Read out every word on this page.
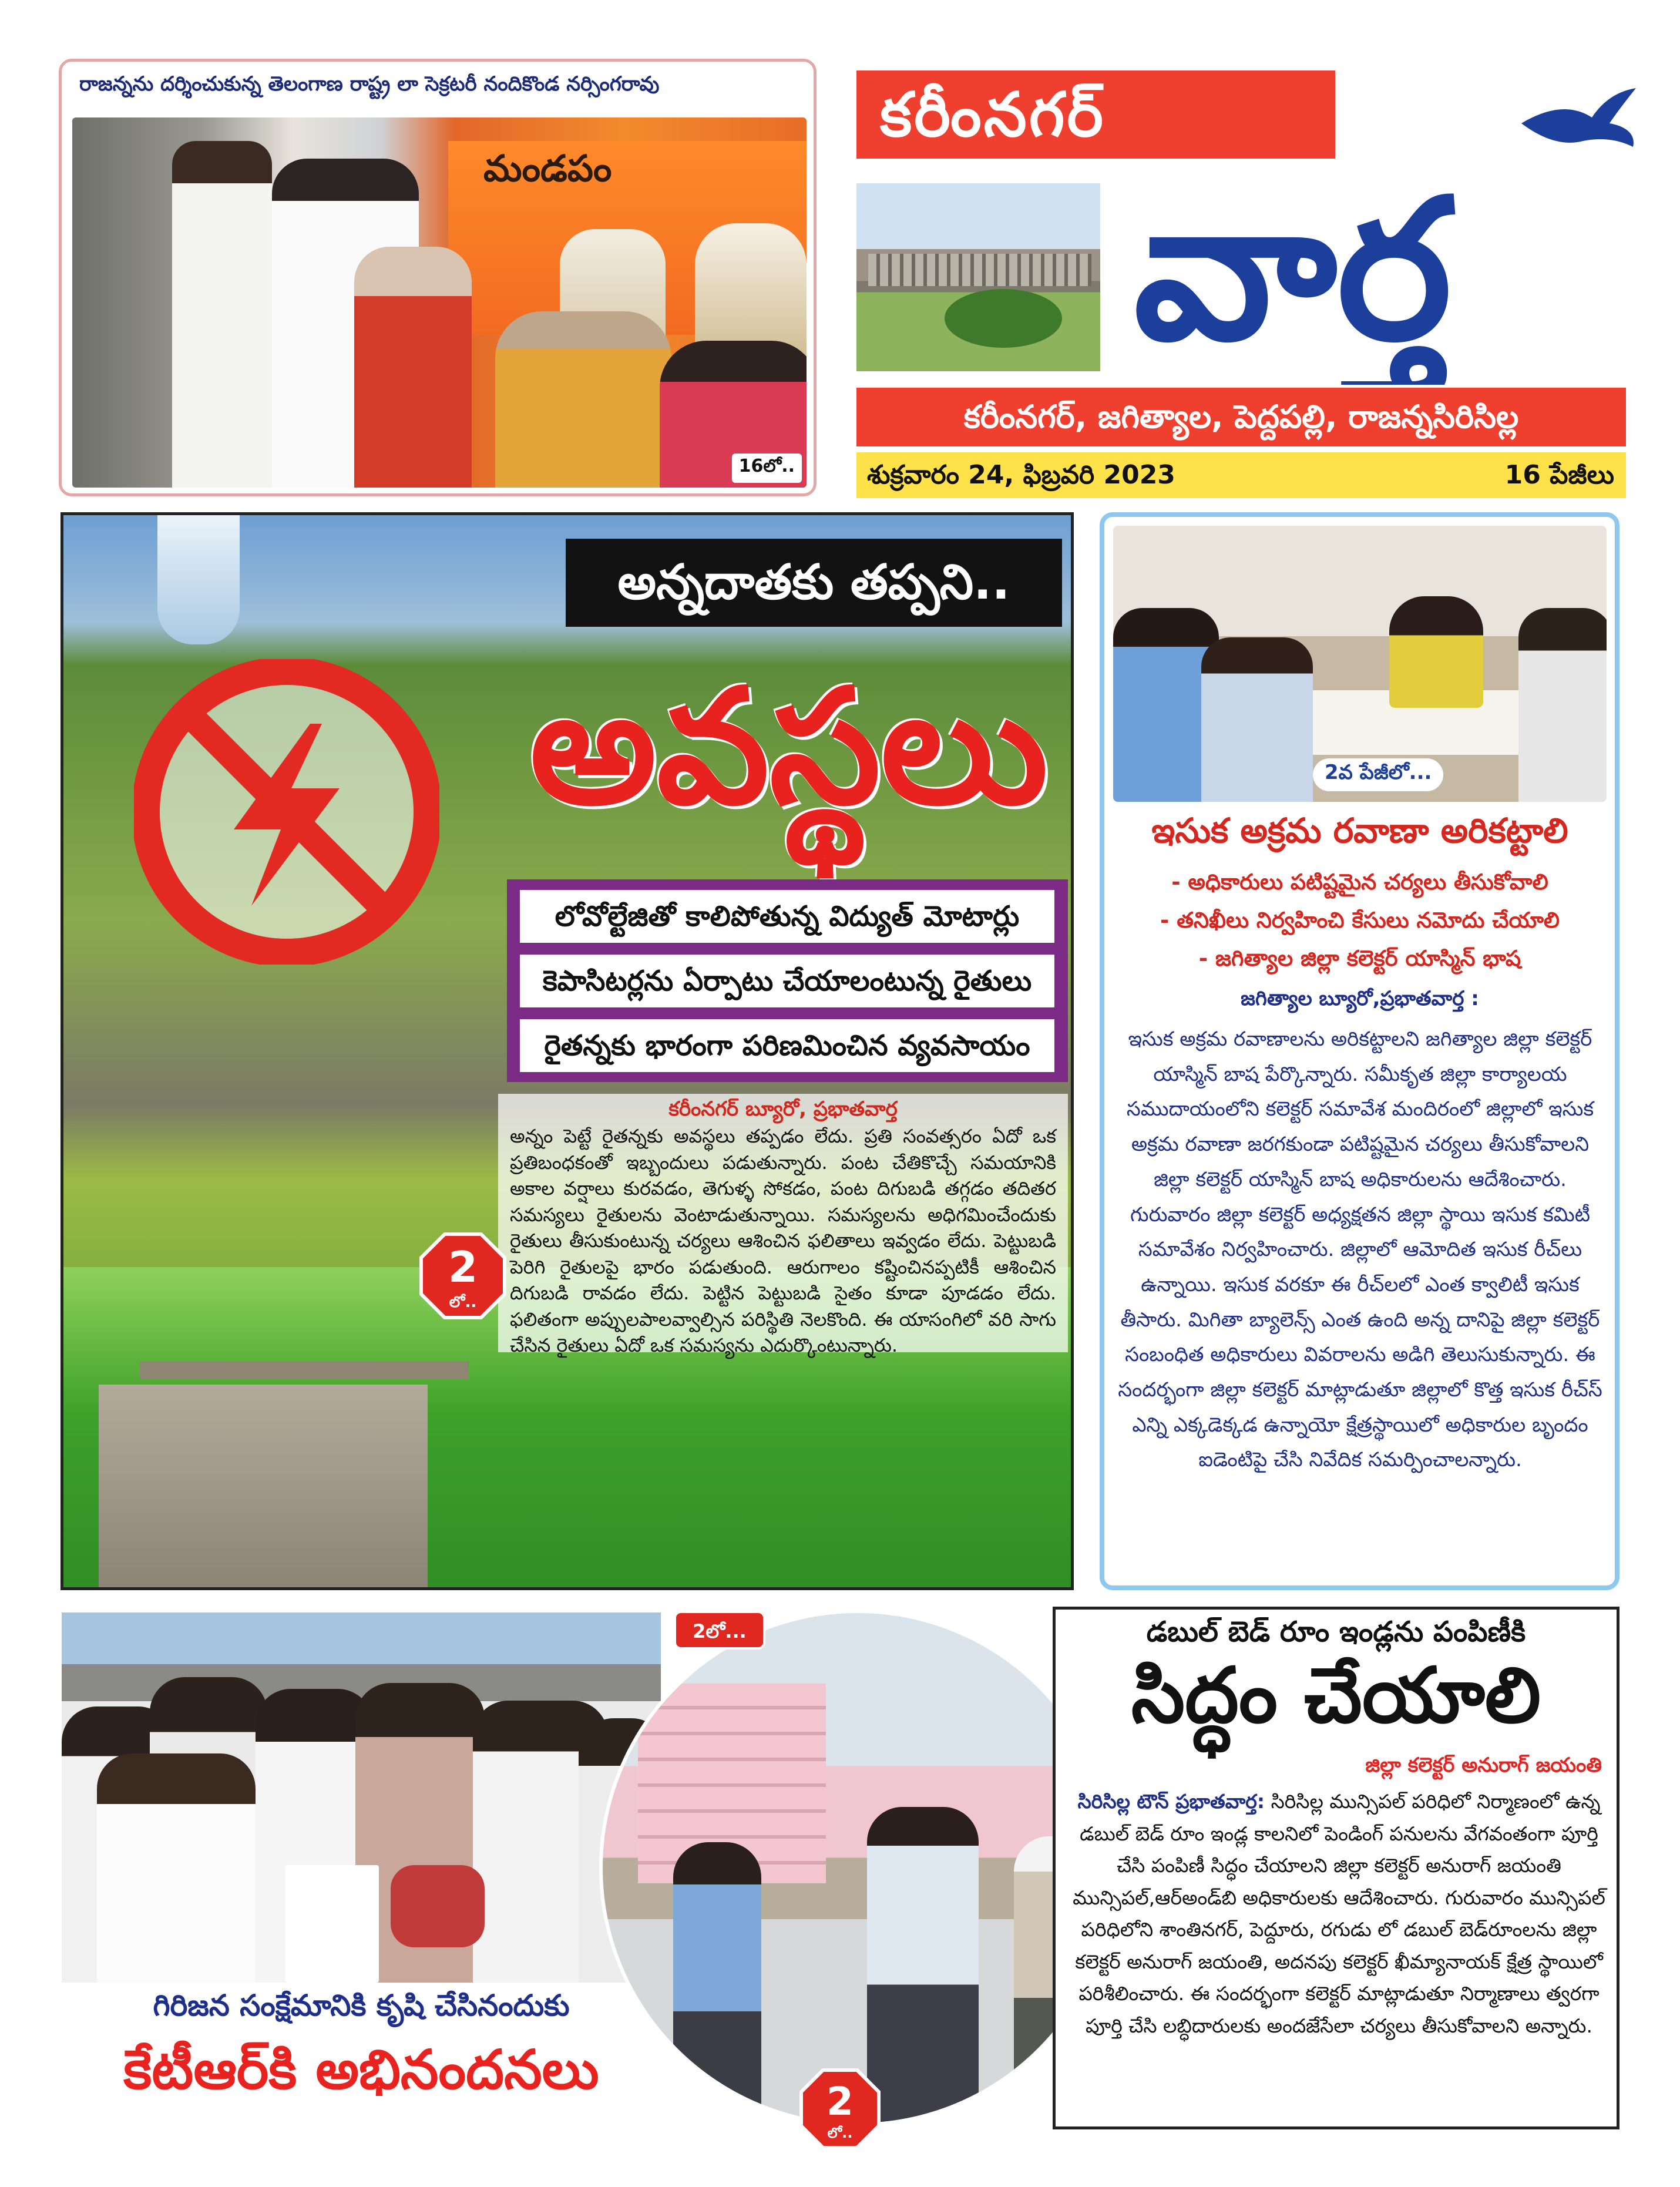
రాజన్నను దర్శించుకున్న తెలంగాణ రాష్ట్ర లా సెక్రటరీ నందికొండ నర్సింగరావు
మండపం
16లో..
కరీంనగర్
వార్త
కరీంనగర్, జగిత్యాల, పెద్దపల్లి, రాజన్నసిరిసిల్ల
శుక్రవారం 24, ఫిబ్రవరి 2023	16 పేజీలు
అన్నదాతకు తప్పని..
అవస్థలు
లోవోల్టేజితో కాలిపోతున్న విద్యుత్ మోటార్లు
కెపాసిటర్లను ఏర్పాటు చేయాలంటున్న రైతులు
రైతన్నకు భారంగా పరిణమించిన వ్యవసాయం
కరీంనగర్ బ్యూరో, ప్రభాతవార్త
అన్నం పెట్టే రైతన్నకు అవస్థలు తప్పడం లేదు. ప్రతి సంవత్సరం ఏదో ఒక ప్రతిబంధకంతో ఇబ్బందులు పడుతున్నారు. పంట చేతికొచ్చే సమయానికి అకాల వర్షాలు కురవడం, తెగుళ్ళ సోకడం, పంట దిగుబడి తగ్గడం తదితర సమస్యలు రైతులను వెంటాడుతున్నాయి. సమస్యలను అధిగమించేందుకు రైతులు తీసుకుంటున్న చర్యలు ఆశించిన ఫలితాలు ఇవ్వడం లేదు. పెట్టుబడి పెరిగి రైతులపై భారం పడుతుంది. ఆరుగాలం కష్టించినప్పటికీ ఆశించిన దిగుబడి రావడం లేదు. పెట్టిన పెట్టుబడి సైతం కూడా పూడడం లేదు. ఫలితంగా అప్పులపాలవ్వాల్సిన పరిస్థితి నెలకొంది. ఈ యాసంగిలో వరి సాగు చేసిన రైతులు ఏదో ఒక సమస్యను ఎదుర్కొంటున్నారు.
2
లో..
2వ పేజీలో...
ఇసుక అక్రమ రవాణా అరికట్టాలి
- అధికారులు పటిష్టమైన చర్యలు తీసుకోవాలి
- తనిఖీలు నిర్వహించి కేసులు నమోదు చేయాలి
- జగిత్యాల జిల్లా కలెక్టర్ యాస్మిన్ భాష
జగిత్యాల బ్యూరో,ప్రభాతవార్త :
ఇసుక అక్రమ రవాణాలను అరికట్టాలని జగిత్యాల జిల్లా కలెక్టర్ యాస్మిన్ బాష పేర్కొన్నారు. సమీకృత జిల్లా కార్యాలయ సముదాయంలోని కలెక్టర్ సమావేశ మందిరంలో జిల్లాలో ఇసుక అక్రమ రవాణా జరగకుండా పటిష్టమైన చర్యలు తీసుకోవాలని జిల్లా కలెక్టర్ యాస్మిన్ బాష అధికారులను ఆదేశించారు. గురువారం జిల్లా కలెక్టర్ అధ్యక్షతన జిల్లా స్థాయి ఇసుక కమిటీ సమావేశం నిర్వహించారు. జిల్లాలో ఆమోదిత ఇసుక రీచ్‌లు ఉన్నాయి. ఇసుక వరకూ ఈ రీచ్‌లలో ఎంత క్వాలిటీ ఇసుక తీసారు. మిగితా బ్యాలెన్స్ ఎంత ఉంది అన్న దానిపై జిల్లా కలెక్టర్ సంబంధిత అధికారులు వివరాలను అడిగి తెలుసుకున్నారు. ఈ సందర్భంగా జిల్లా కలెక్టర్ మాట్లాడుతూ జిల్లాలో కొత్త ఇసుక రీచ్‌స్ ఎన్ని ఎక్కడెక్కడ ఉన్నాయో క్షేత్రస్థాయిలో అధికారుల బృందం ఐడెంటిపై చేసి నివేదిక సమర్పించాలన్నారు.
గిరిజన సంక్షేమానికి కృషి చేసినందుకు
కేటీఆర్‌కి అభినందనలు
2లో...
2
లో..
డబుల్ బెడ్ రూం ఇండ్లను పంపిణీకి
సిద్ధం చేయాలి
జిల్లా కలెక్టర్ అనురాగ్ జయంతి
సిరిసిల్ల టౌన్ ప్రభాతవార్త: సిరిసిల్ల మున్సిపల్ పరిధిలో నిర్మాణంలో ఉన్న డబుల్ బెడ్ రూం ఇండ్ల కాలనిలో పెండింగ్ పనులను వేగవంతంగా పూర్తి చేసి పంపిణీ సిద్ధం చేయాలని జిల్లా కలెక్టర్ అనురాగ్ జయంతి మున్సిపల్,ఆర్‌అండ్‌బి అధికారులకు ఆదేశించారు. గురువారం మున్సిపల్ పరిధిలోని శాంతినగర్, పెద్దూరు, రగుడు లో డబుల్ బెడ్‌రూంలను జిల్లా కలెక్టర్ అనురాగ్ జయంతి, అదనపు కలెక్టర్ ఖీమ్యానాయక్ క్షేత్ర స్థాయిలో పరిశీలించారు. ఈ సందర్భంగా కలెక్టర్ మాట్లాడుతూ నిర్మాణాలు త్వరగా పూర్తి చేసి లబ్ధిదారులకు అందజేసేలా చర్యలు తీసుకోవాలని అన్నారు.
